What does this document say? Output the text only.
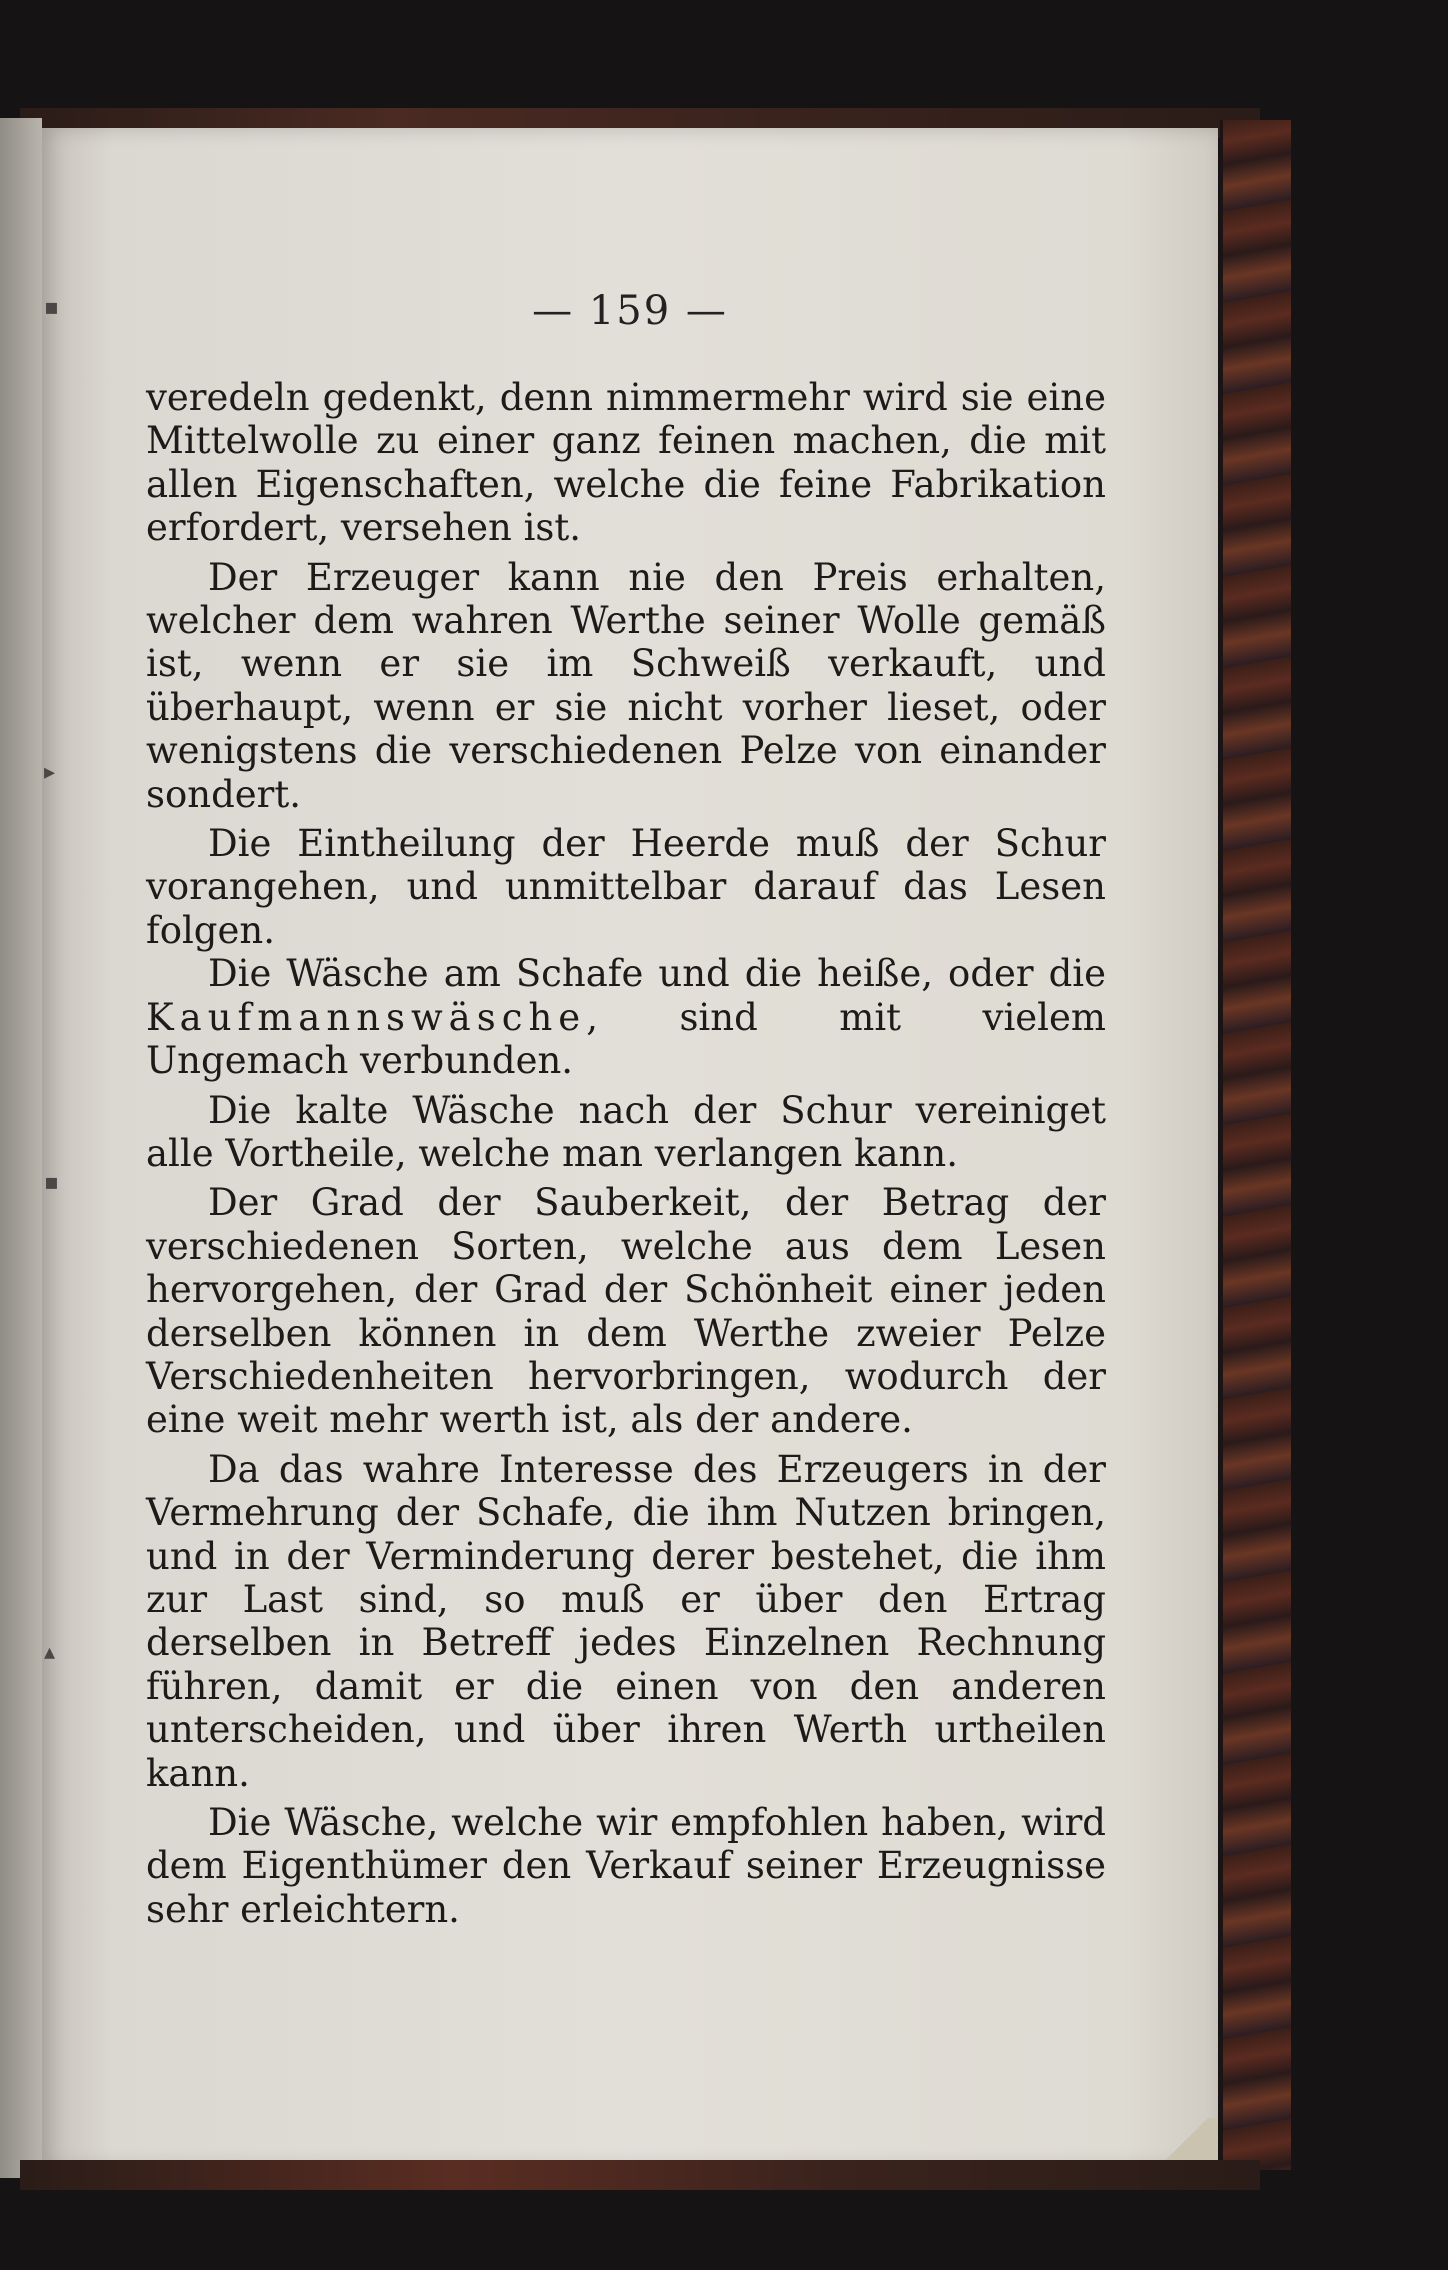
— 159 —

veredeln gedenkt, denn nimmermehr wird sie eine Mittelwolle zu einer ganz feinen machen, die mit allen Eigenschaften, welche die feine Fabrikation erfordert, versehen ist.

Der Erzeuger kann nie den Preis erhalten, welcher dem wahren Werthe seiner Wolle gemäß ist, wenn er sie im Schweiß verkauft, und überhaupt, wenn er sie nicht vorher lieset, oder wenigstens die verschiedenen Pelze von einander sondert.

Die Eintheilung der Heerde muß der Schur vorangehen, und unmittelbar darauf das Lesen folgen.

Die Wäsche am Schafe und die heiße, oder die Kaufmannswäsche, sind mit vielem Ungemach verbunden.

Die kalte Wäsche nach der Schur vereiniget alle Vortheile, welche man verlangen kann.

Der Grad der Sauberkeit, der Betrag der verschiedenen Sorten, welche aus dem Lesen hervorgehen, der Grad der Schönheit einer jeden derselben können in dem Werthe zweier Pelze Verschiedenheiten hervorbringen, wodurch der eine weit mehr werth ist, als der andere.

Da das wahre Interesse des Erzeugers in der Vermehrung der Schafe, die ihm Nutzen bringen, und in der Verminderung derer bestehet, die ihm zur Last sind, so muß er über den Ertrag derselben in Betreff jedes Einzelnen Rechnung führen, damit er die einen von den anderen unterscheiden, und über ihren Werth urtheilen kann.

Die Wäsche, welche wir empfohlen haben, wird dem Eigenthümer den Verkauf seiner Erzeugnisse sehr erleichtern.

▪
▸
▪
▴
